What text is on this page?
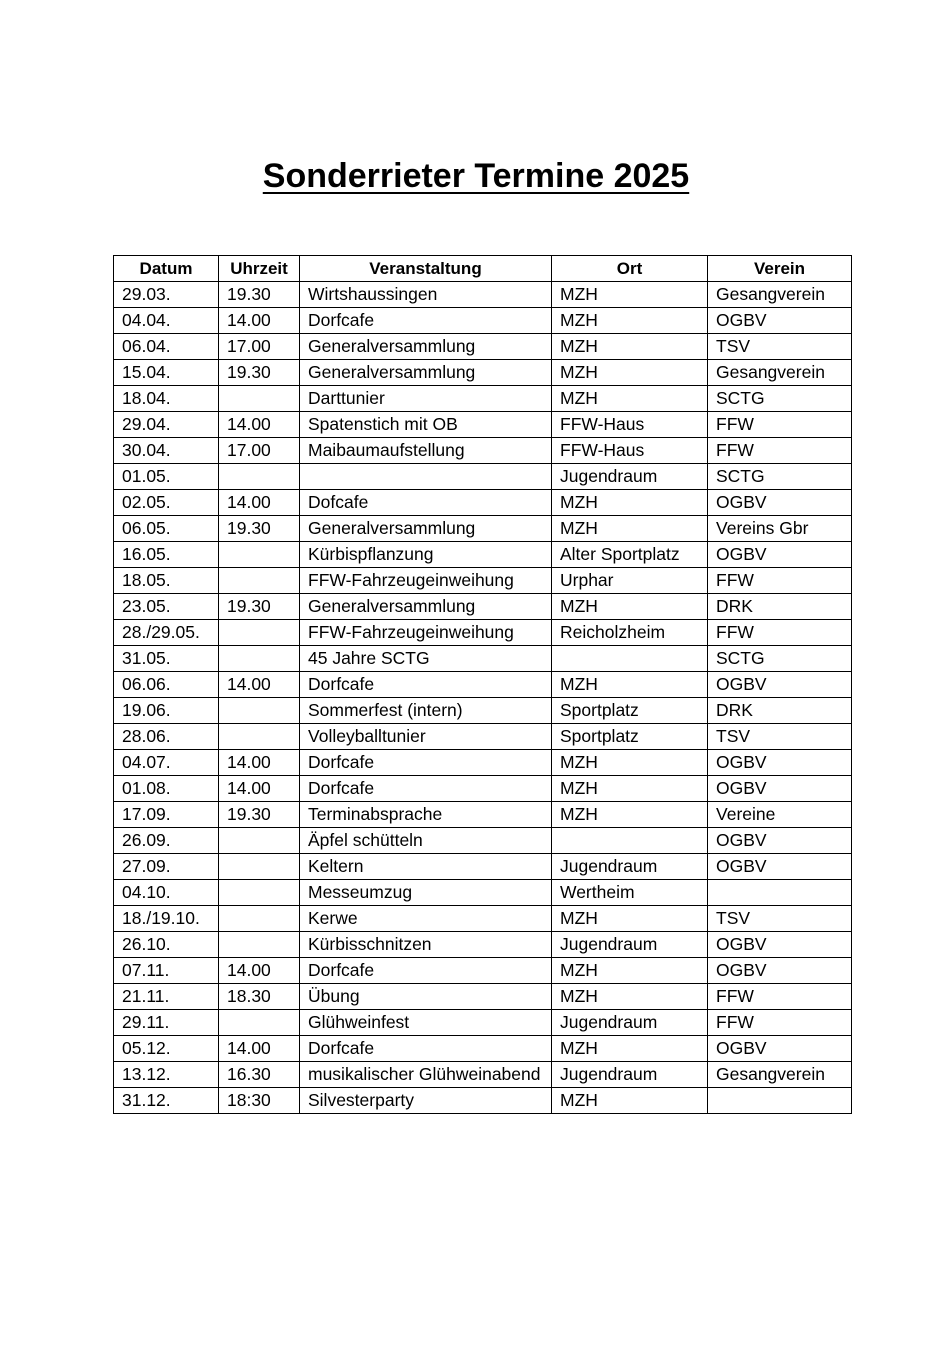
Sonderrieter Termine 2025
Datum	Uhrzeit	Veranstaltung	Ort	Verein
29.03.	19.30	Wirtshaussingen	MZH	Gesangverein
04.04.	14.00	Dorfcafe	MZH	OGBV
06.04.	17.00	Generalversammlung	MZH	TSV
15.04.	19.30	Generalversammlung	MZH	Gesangverein
18.04.		Darttunier	MZH	SCTG
29.04.	14.00	Spatenstich mit OB	FFW-Haus	FFW
30.04.	17.00	Maibaumaufstellung	FFW-Haus	FFW
01.05.			Jugendraum	SCTG
02.05.	14.00	Dofcafe	MZH	OGBV
06.05.	19.30	Generalversammlung	MZH	Vereins Gbr
16.05.		Kürbispflanzung	Alter Sportplatz	OGBV
18.05.		FFW-Fahrzeugeinweihung	Urphar	FFW
23.05.	19.30	Generalversammlung	MZH	DRK
28./29.05.		FFW-Fahrzeugeinweihung	Reicholzheim	FFW
31.05.		45 Jahre SCTG		SCTG
06.06.	14.00	Dorfcafe	MZH	OGBV
19.06.		Sommerfest (intern)	Sportplatz	DRK
28.06.		Volleyballtunier	Sportplatz	TSV
04.07.	14.00	Dorfcafe	MZH	OGBV
01.08.	14.00	Dorfcafe	MZH	OGBV
17.09.	19.30	Terminabsprache	MZH	Vereine
26.09.		Äpfel schütteln		OGBV
27.09.		Keltern	Jugendraum	OGBV
04.10.		Messeumzug	Wertheim	
18./19.10.		Kerwe	MZH	TSV
26.10.		Kürbisschnitzen	Jugendraum	OGBV
07.11.	14.00	Dorfcafe	MZH	OGBV
21.11.	18.30	Übung	MZH	FFW
29.11.		Glühweinfest	Jugendraum	FFW
05.12.	14.00	Dorfcafe	MZH	OGBV
13.12.	16.30	musikalischer Glühweinabend	Jugendraum	Gesangverein
31.12.	18:30	Silvesterparty	MZH	
